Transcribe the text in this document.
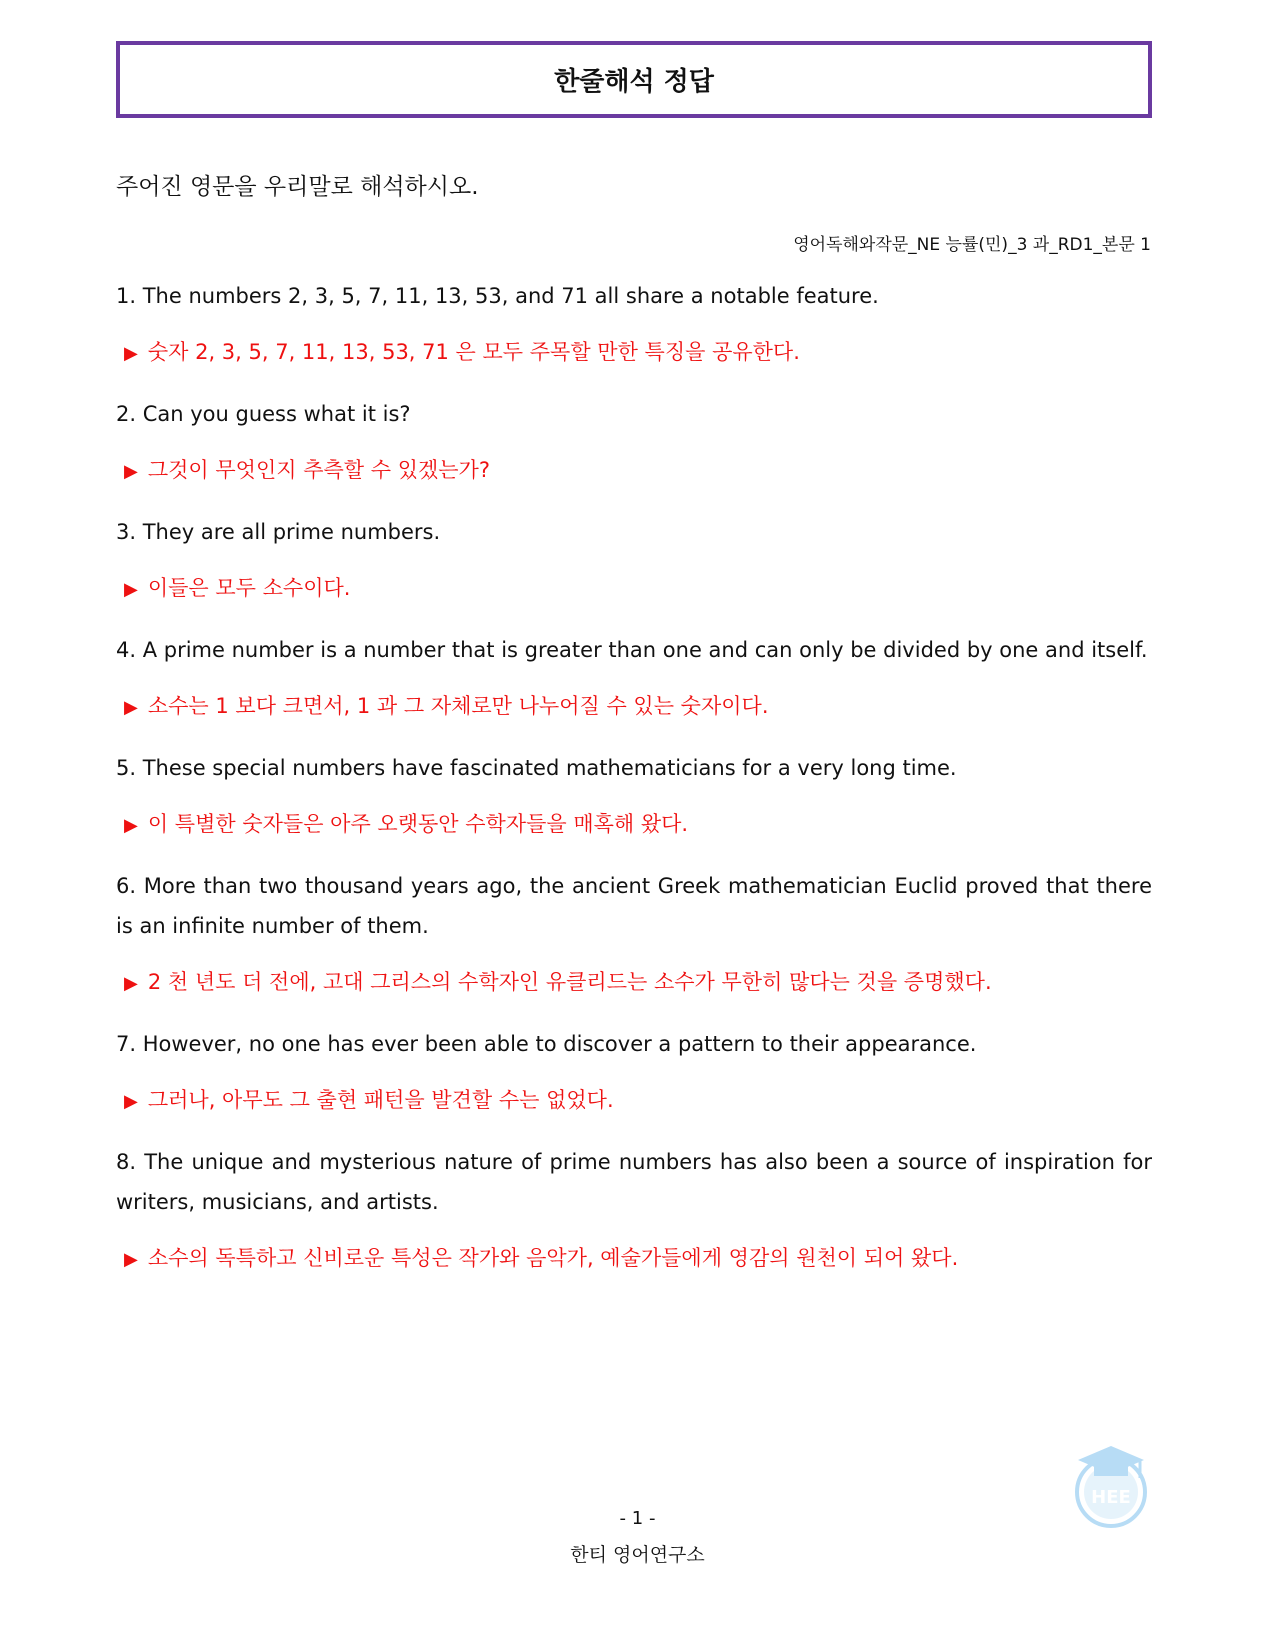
한줄해석 정답
주어진 영문을 우리말로 해석하시오.
영어독해와작문_NE 능률(민)_3 과_RD1_본문 1

1. The numbers 2, 3, 5, 7, 11, 13, 53, and 71 all share a notable feature.

▶ 숫자 2, 3, 5, 7, 11, 13, 53, 71 은 모두 주목할 만한 특징을 공유한다.

2. Can you guess what it is?

▶ 그것이 무엇인지 추측할 수 있겠는가?

3. They are all prime numbers.

▶ 이들은 모두 소수이다.

4. A prime number is a number that is greater than one and can only be divided by one and itself.

▶ 소수는 1 보다 크면서, 1 과 그 자체로만 나누어질 수 있는 숫자이다.

5. These special numbers have fascinated mathematicians for a very long time.

▶ 이 특별한 숫자들은 아주 오랫동안 수학자들을 매혹해 왔다.

6. More than two thousand years ago, the ancient Greek mathematician Euclid proved that there is an infinite number of them.

▶ 2 천 년도 더 전에, 고대 그리스의 수학자인 유클리드는 소수가 무한히 많다는 것을 증명했다.

7. However, no one has ever been able to discover a pattern to their appearance.

▶ 그러나, 아무도 그 출현 패턴을 발견할 수는 없었다.

8. The unique and mysterious nature of prime numbers has also been a source of inspiration for writers, musicians, and artists.

▶ 소수의 독특하고 신비로운 특성은 작가와 음악가, 예술가들에게 영감의 원천이 되어 왔다.

HEE
- 1 -
한티 영어연구소
